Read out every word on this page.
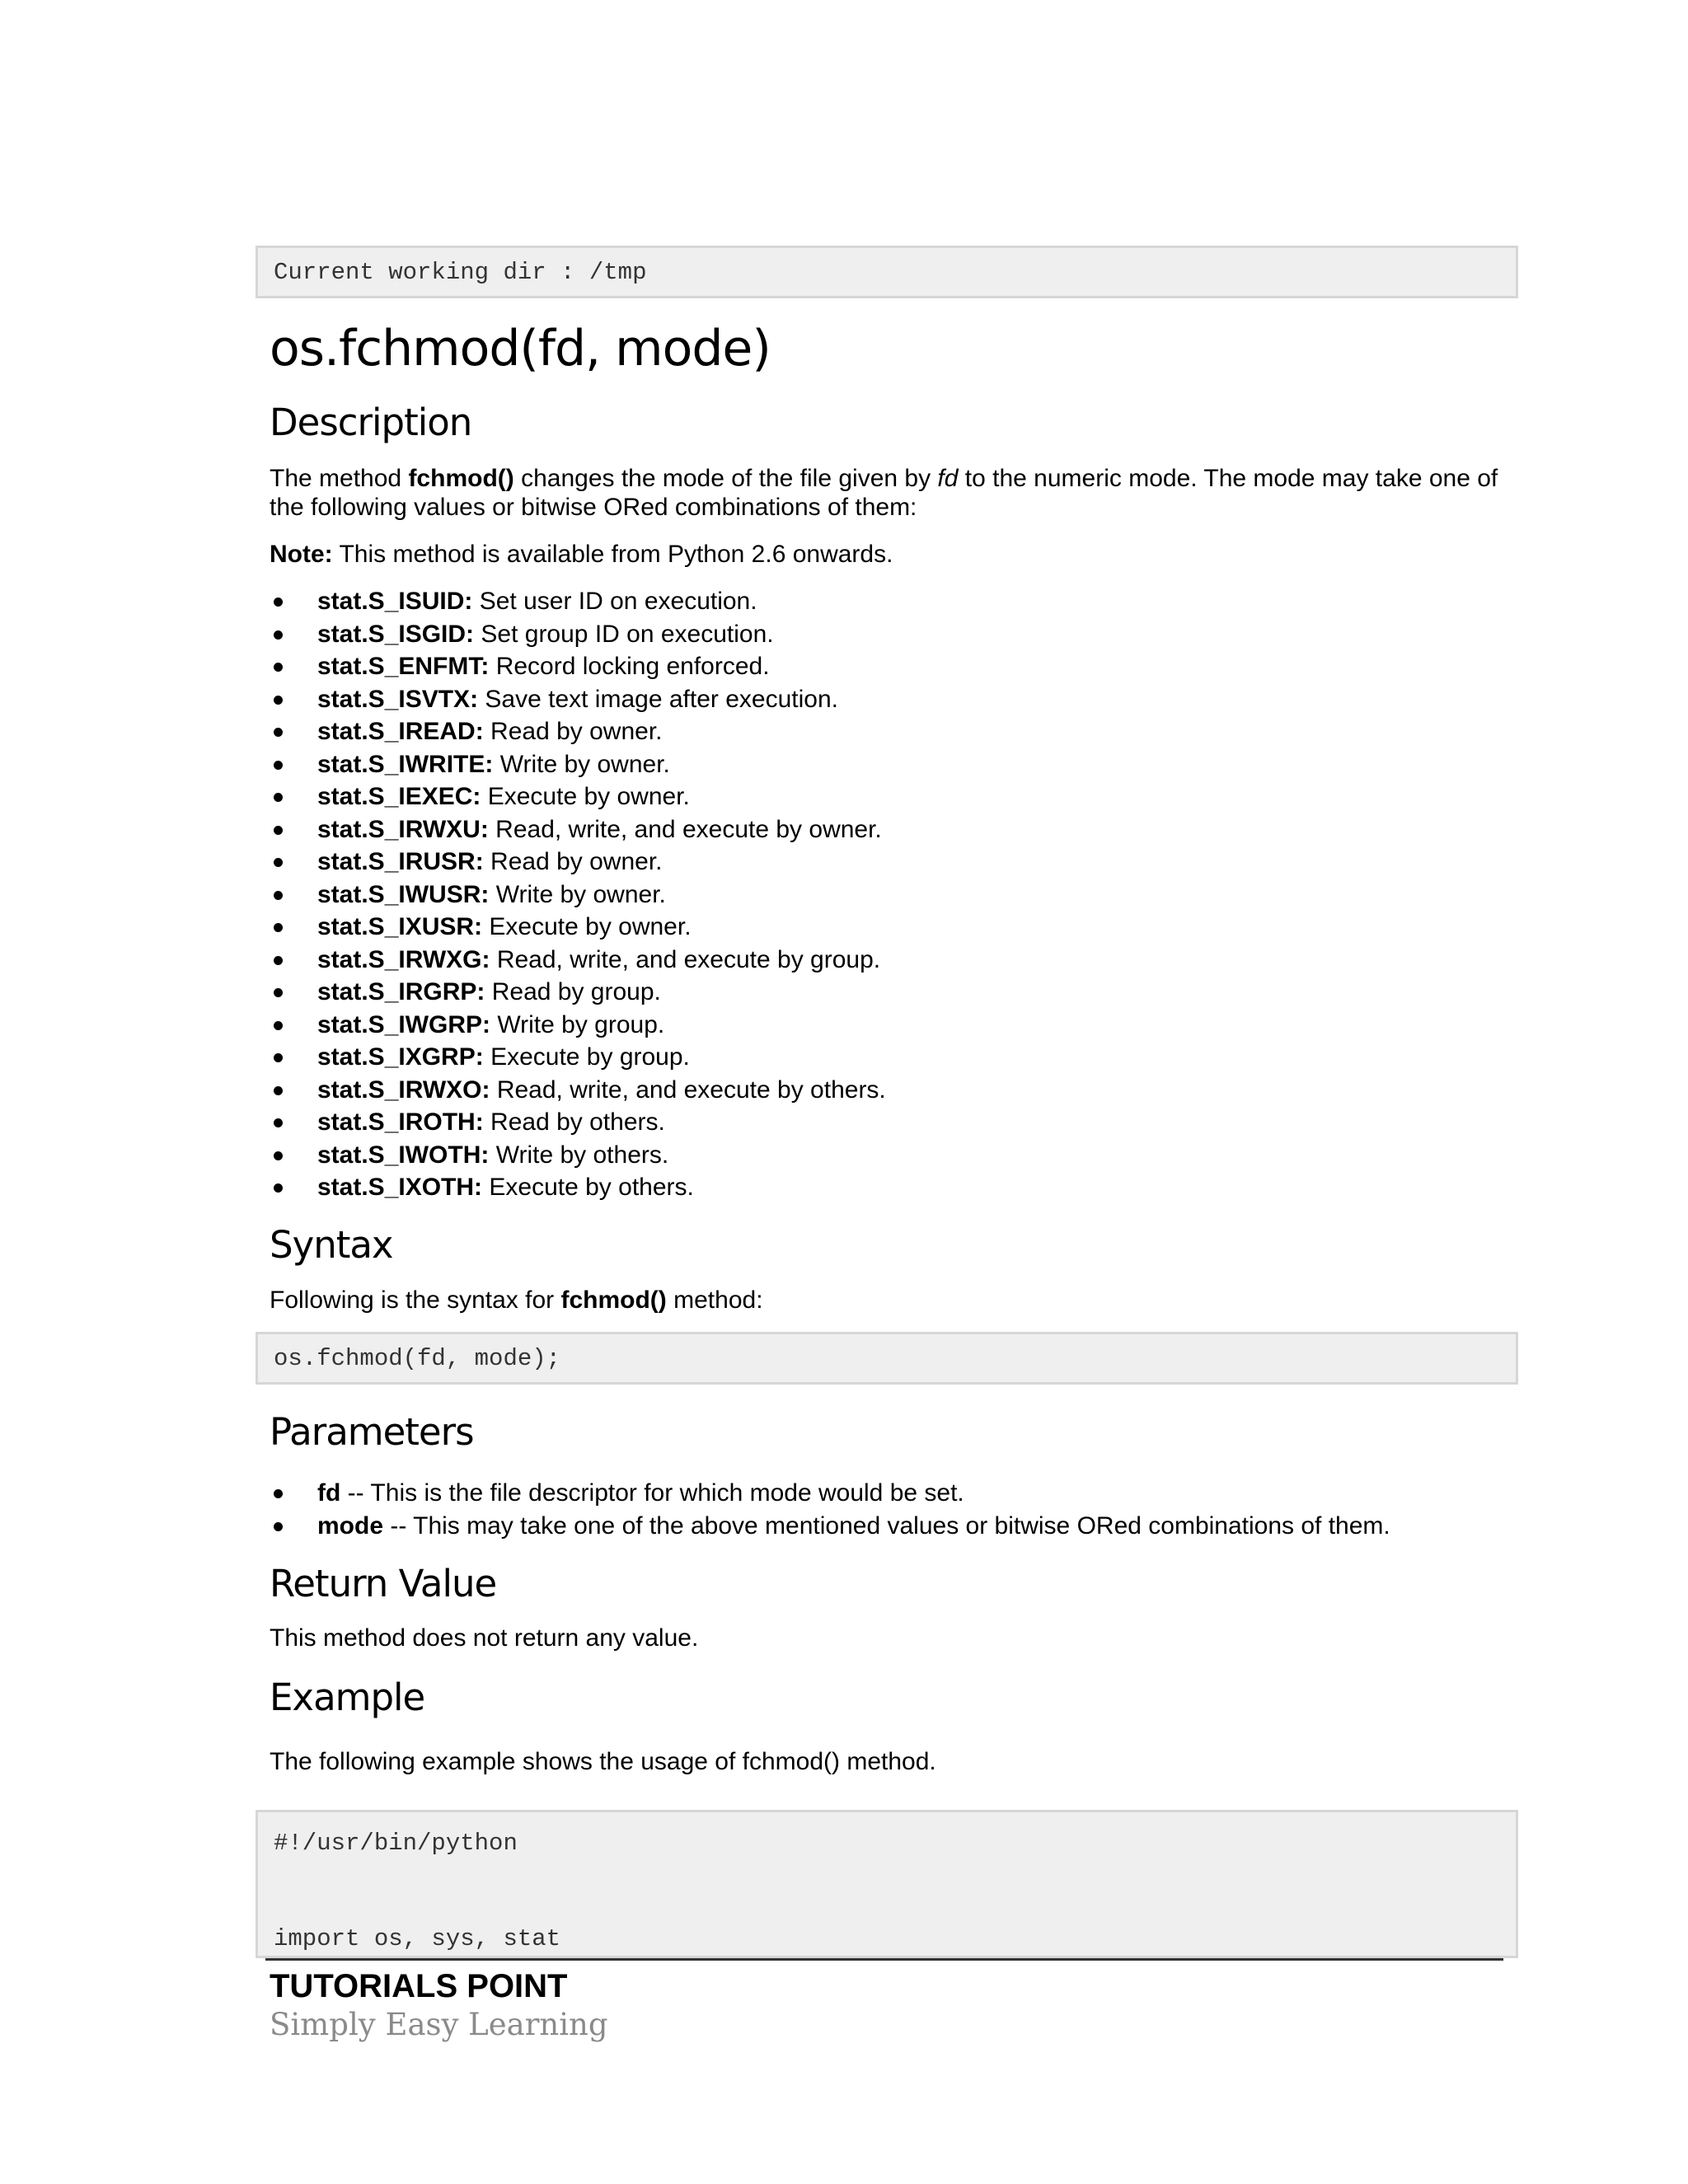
Current working dir : /tmp
os.fchmod(fd, mode)
Description
The method fchmod() changes the mode of the file given by fd to the numeric mode. The mode may take one of the following values or bitwise ORed combinations of them:
Note: This method is available from Python 2.6 onwards.
stat.S_ISUID: Set user ID on execution.
stat.S_ISGID: Set group ID on execution.
stat.S_ENFMT: Record locking enforced.
stat.S_ISVTX: Save text image after execution.
stat.S_IREAD: Read by owner.
stat.S_IWRITE: Write by owner.
stat.S_IEXEC: Execute by owner.
stat.S_IRWXU: Read, write, and execute by owner.
stat.S_IRUSR: Read by owner.
stat.S_IWUSR: Write by owner.
stat.S_IXUSR: Execute by owner.
stat.S_IRWXG: Read, write, and execute by group.
stat.S_IRGRP: Read by group.
stat.S_IWGRP: Write by group.
stat.S_IXGRP: Execute by group.
stat.S_IRWXO: Read, write, and execute by others.
stat.S_IROTH: Read by others.
stat.S_IWOTH: Write by others.
stat.S_IXOTH: Execute by others.
Syntax
Following is the syntax for fchmod() method:
os.fchmod(fd, mode);
Parameters
fd -- This is the file descriptor for which mode would be set.
mode -- This may take one of the above mentioned values or bitwise ORed combinations of them.
Return Value
This method does not return any value.
Example
The following example shows the usage of fchmod() method.

#!/usr/bin/python

import os, sys, stat

TUTORIALS POINT
Simply Easy Learning
